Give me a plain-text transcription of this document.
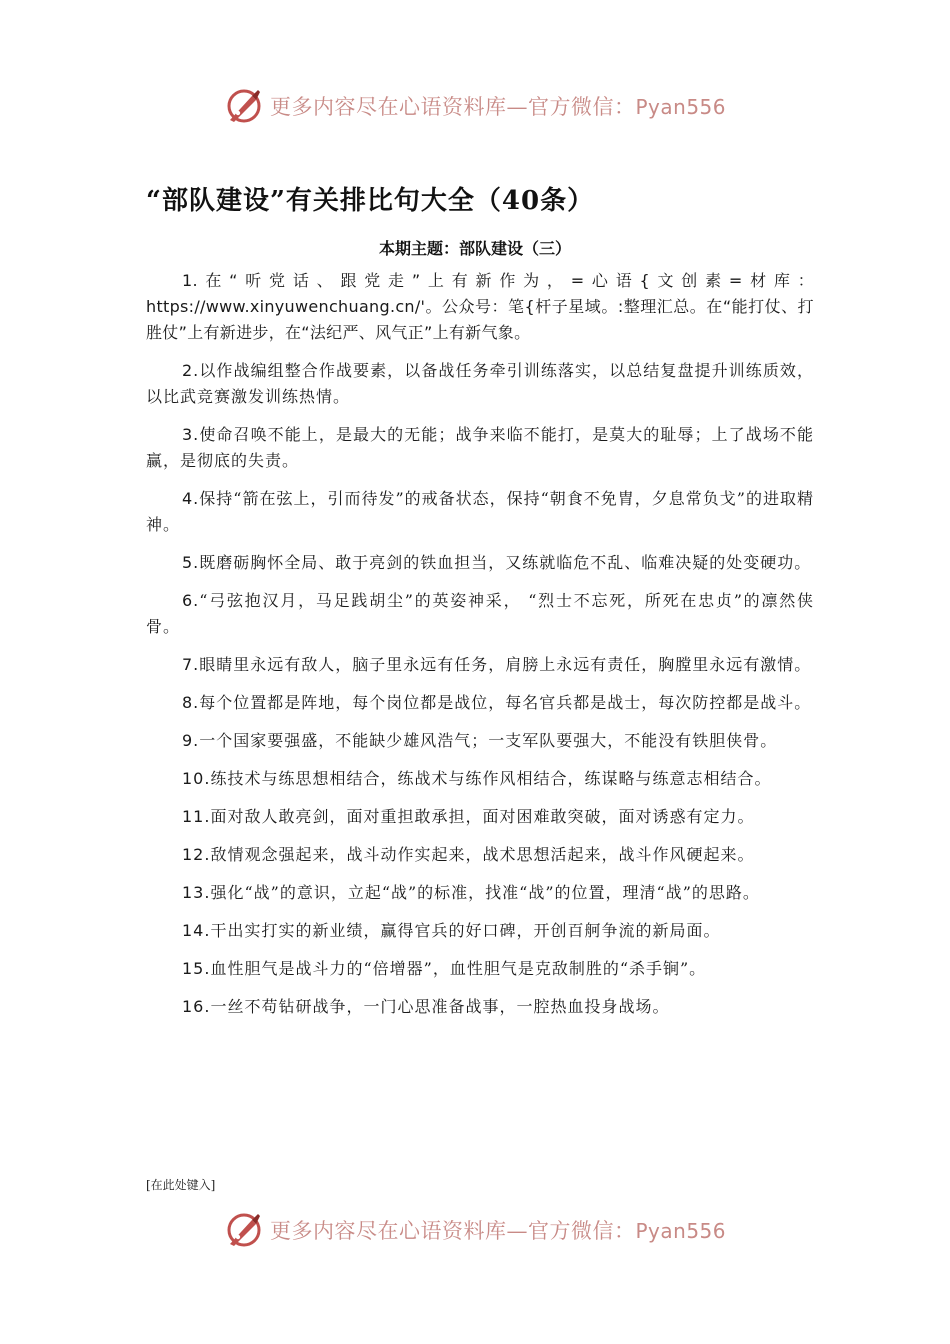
更多内容尽在心语资料库—官方微信：Pyan556
“部队建设”有关排比句大全（40条）
本期主题：部队建设（三）

1.在“听党话、跟党走”上有新作为，=心语{文创素=材库：https://www.xinyuwenchuang.cn/'。公众号：笔{杆子星域。:整理汇总。在“能打仗、打胜仗”上有新进步，在“法纪严、风气正”上有新气象。

2.以作战编组整合作战要素，以备战任务牵引训练落实，以总结复盘提升训练质效，以比武竞赛激发训练热情。

3.使命召唤不能上，是最大的无能；战争来临不能打，是莫大的耻辱；上了战场不能赢，是彻底的失责。

4.保持“箭在弦上，引而待发”的戒备状态，保持“朝食不免胄，夕息常负戈”的进取精神。

5.既磨砺胸怀全局、敢于亮剑的铁血担当，又练就临危不乱、临难决疑的处变硬功。

6.“弓弦抱汉月，马足践胡尘”的英姿神采， “烈士不忘死，所死在忠贞”的凛然侠骨。

7.眼睛里永远有敌人，脑子里永远有任务，肩膀上永远有责任，胸膛里永远有激情。

8.每个位置都是阵地，每个岗位都是战位，每名官兵都是战士，每次防控都是战斗。

9.一个国家要强盛，不能缺少雄风浩气；一支军队要强大，不能没有铁胆侠骨。

10.练技术与练思想相结合，练战术与练作风相结合，练谋略与练意志相结合。

11.面对敌人敢亮剑，面对重担敢承担，面对困难敢突破，面对诱惑有定力。

12.敌情观念强起来，战斗动作实起来，战术思想活起来，战斗作风硬起来。

13.强化“战”的意识，立起“战”的标准，找准“战”的位置，理清“战”的思路。

14.干出实打实的新业绩，赢得官兵的好口碑，开创百舸争流的新局面。

15.血性胆气是战斗力的“倍增器”，血性胆气是克敌制胜的“杀手锏”。

16.一丝不苟钻研战争，一门心思准备战事，一腔热血投身战场。

[在此处键入]
更多内容尽在心语资料库—官方微信：Pyan556
